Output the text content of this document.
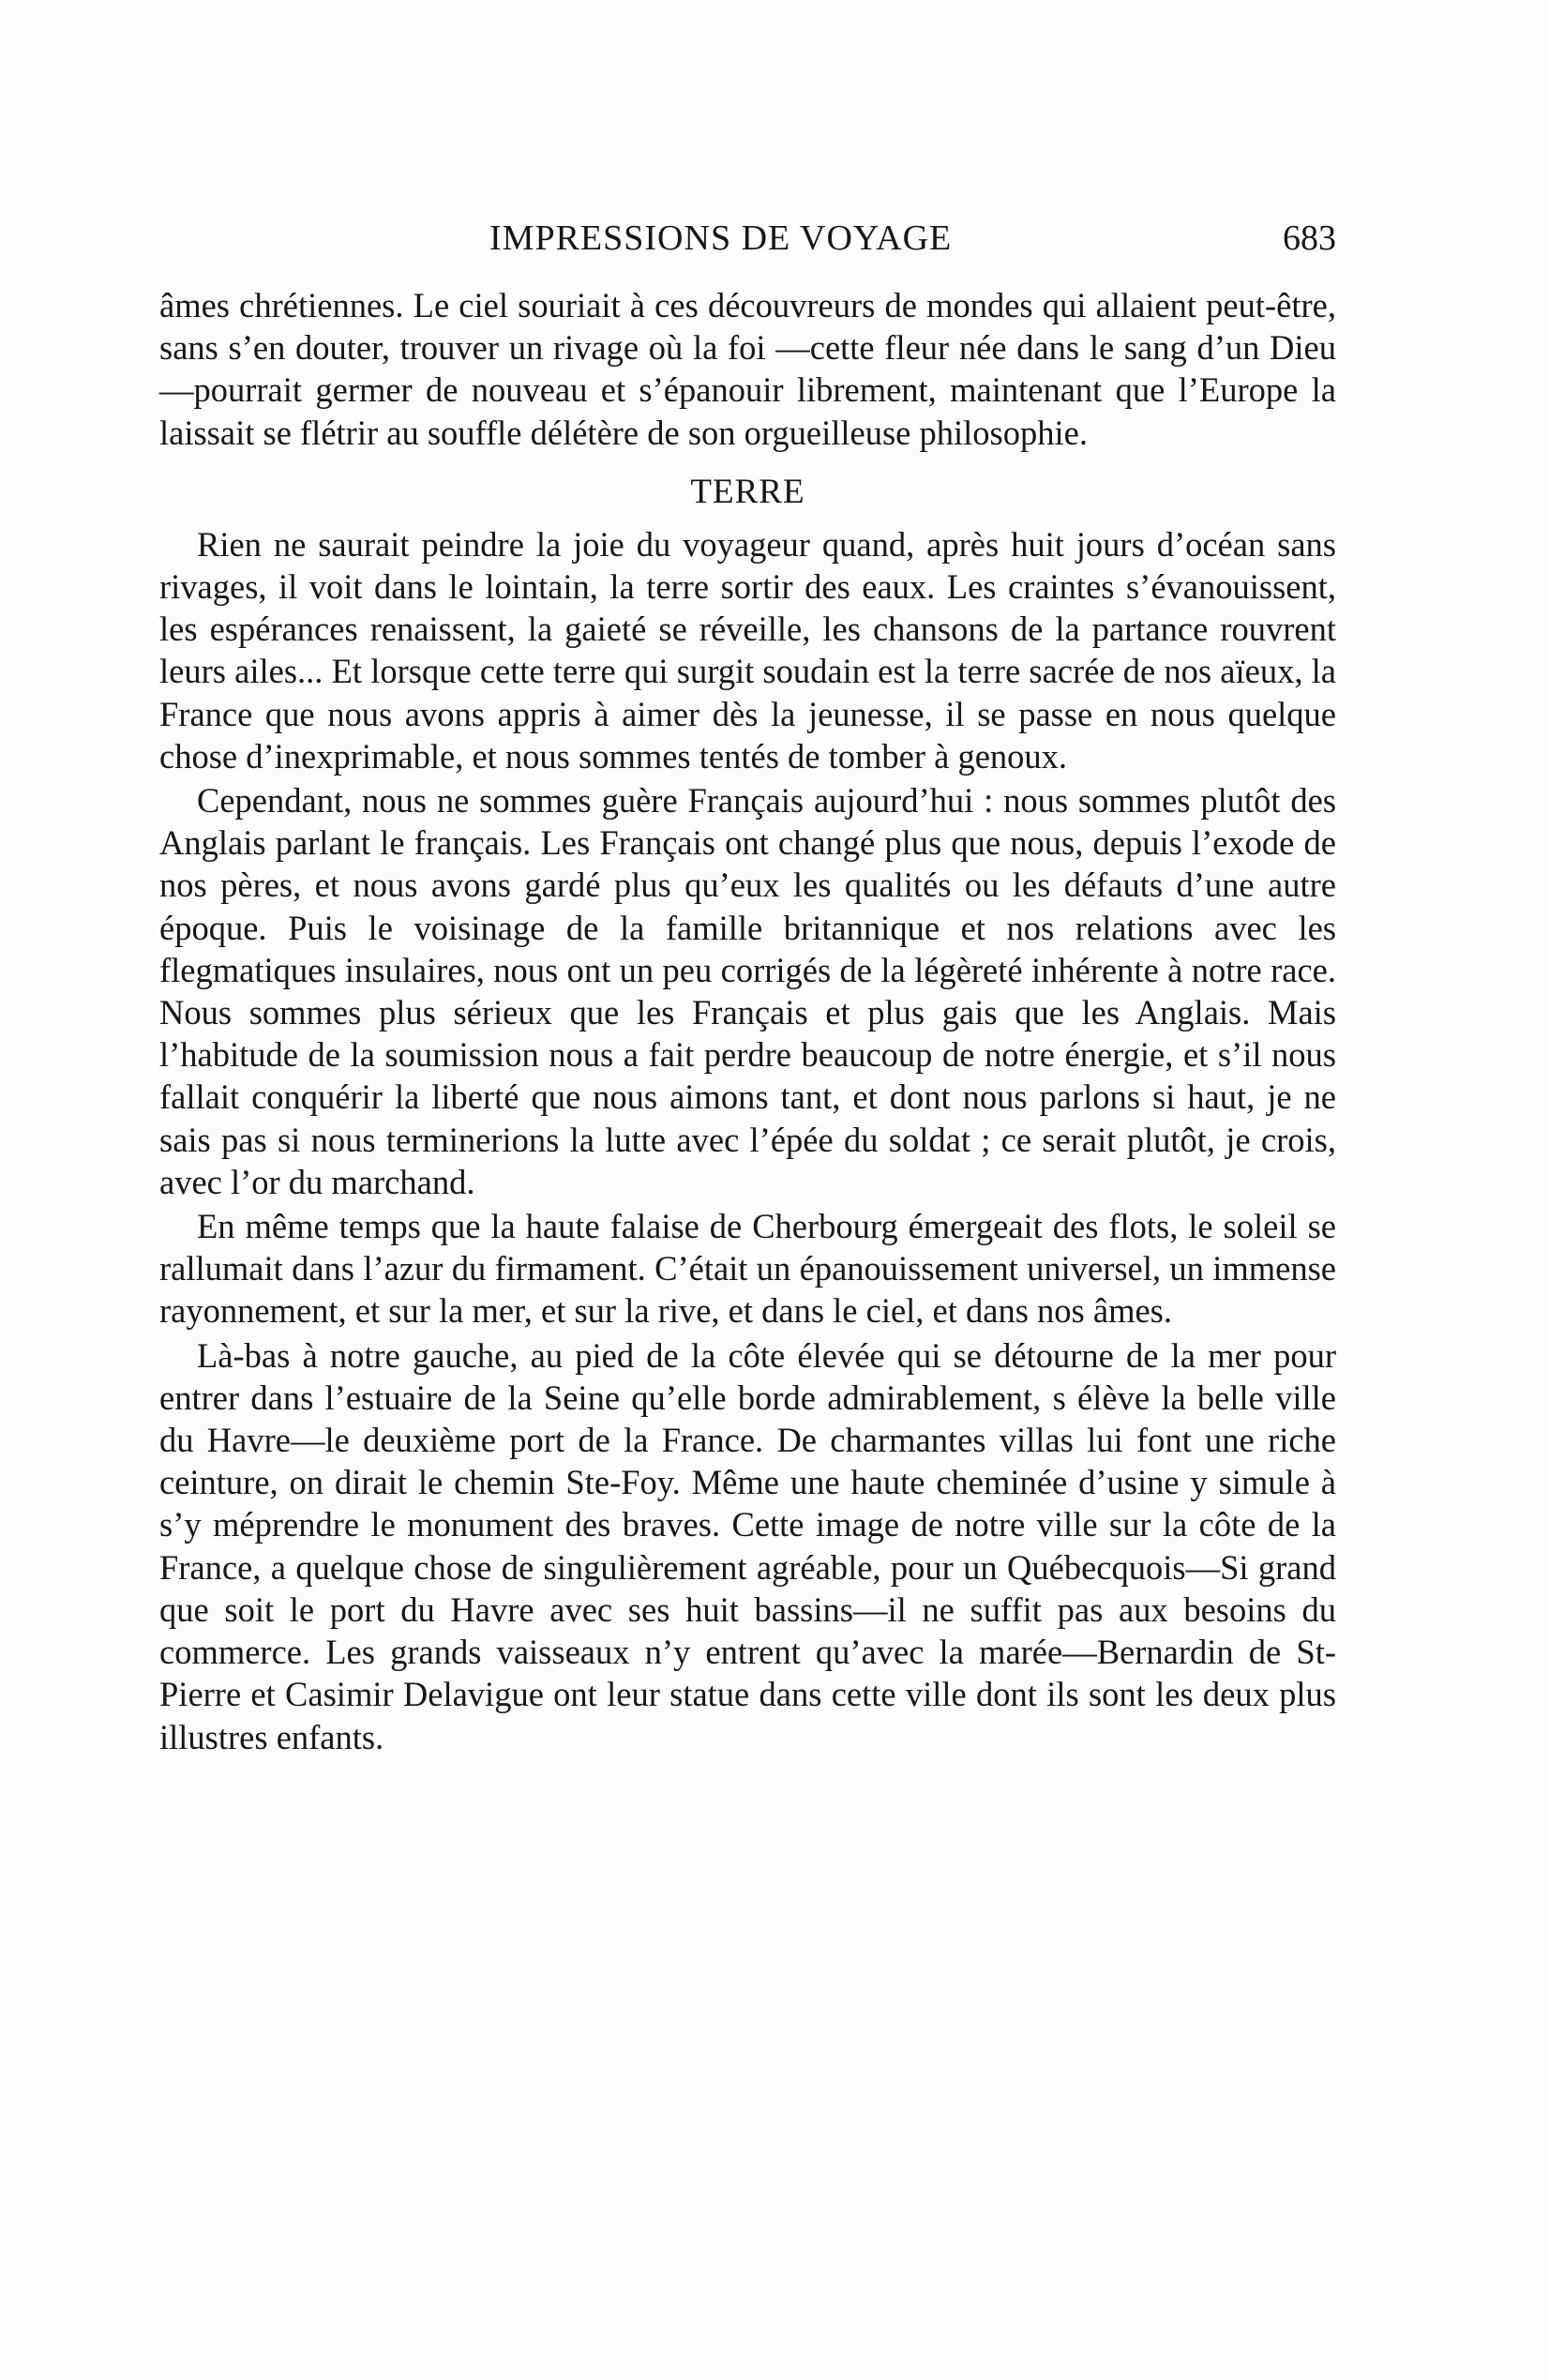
IMPRESSIONS DE VOYAGE	683

âmes chrétiennes. Le ciel souriait à ces découvreurs de mondes qui allaient peut-être, sans s’en douter, trouver un rivage où la foi —cette fleur née dans le sang d’un Dieu—pourrait germer de nouveau et s’épanouir librement, maintenant que l’Europe la laissait se flétrir au souffle délétère de son orgueilleuse philosophie.

TERRE

Rien ne saurait peindre la joie du voyageur quand, après huit jours d’océan sans rivages, il voit dans le lointain, la terre sortir des eaux. Les craintes s’évanouissent, les espérances renaissent, la gaieté se réveille, les chansons de la partance rouvrent leurs ailes... Et lorsque cette terre qui surgit soudain est la terre sacrée de nos aïeux, la France que nous avons appris à aimer dès la jeunesse, il se passe en nous quelque chose d’inexprimable, et nous sommes tentés de tomber à genoux.

Cependant, nous ne sommes guère Français aujourd’hui : nous sommes plutôt des Anglais parlant le français. Les Français ont changé plus que nous, depuis l’exode de nos pères, et nous avons gardé plus qu’eux les qualités ou les défauts d’une autre époque. Puis le voisinage de la famille britannique et nos relations avec les flegmatiques insulaires, nous ont un peu corrigés de la légèreté inhérente à notre race. Nous sommes plus sérieux que les Français et plus gais que les Anglais. Mais l’habitude de la soumission nous a fait perdre beaucoup de notre énergie, et s’il nous fallait conquérir la liberté que nous aimons tant, et dont nous parlons si haut, je ne sais pas si nous terminerions la lutte avec l’épée du soldat ; ce serait plutôt, je crois, avec l’or du marchand.

En même temps que la haute falaise de Cherbourg émergeait des flots, le soleil se rallumait dans l’azur du firmament. C’était un épanouissement universel, un immense rayonnement, et sur la mer, et sur la rive, et dans le ciel, et dans nos âmes.

Là-bas à notre gauche, au pied de la côte élevée qui se détourne de la mer pour entrer dans l’estuaire de la Seine qu’elle borde admirablement, s élève la belle ville du Havre—le deuxième port de la France. De charmantes villas lui font une riche ceinture, on dirait le chemin Ste-Foy. Même une haute cheminée d’usine y simule à s’y méprendre le monument des braves. Cette image de notre ville sur la côte de la France, a quelque chose de singulièrement agréable, pour un Québecquois—Si grand que soit le port du Havre avec ses huit bassins—il ne suffit pas aux besoins du commerce. Les grands vaisseaux n’y entrent qu’avec la marée—Bernardin de St-Pierre et Casimir Delavigue ont leur statue dans cette ville dont ils sont les deux plus illustres enfants.
